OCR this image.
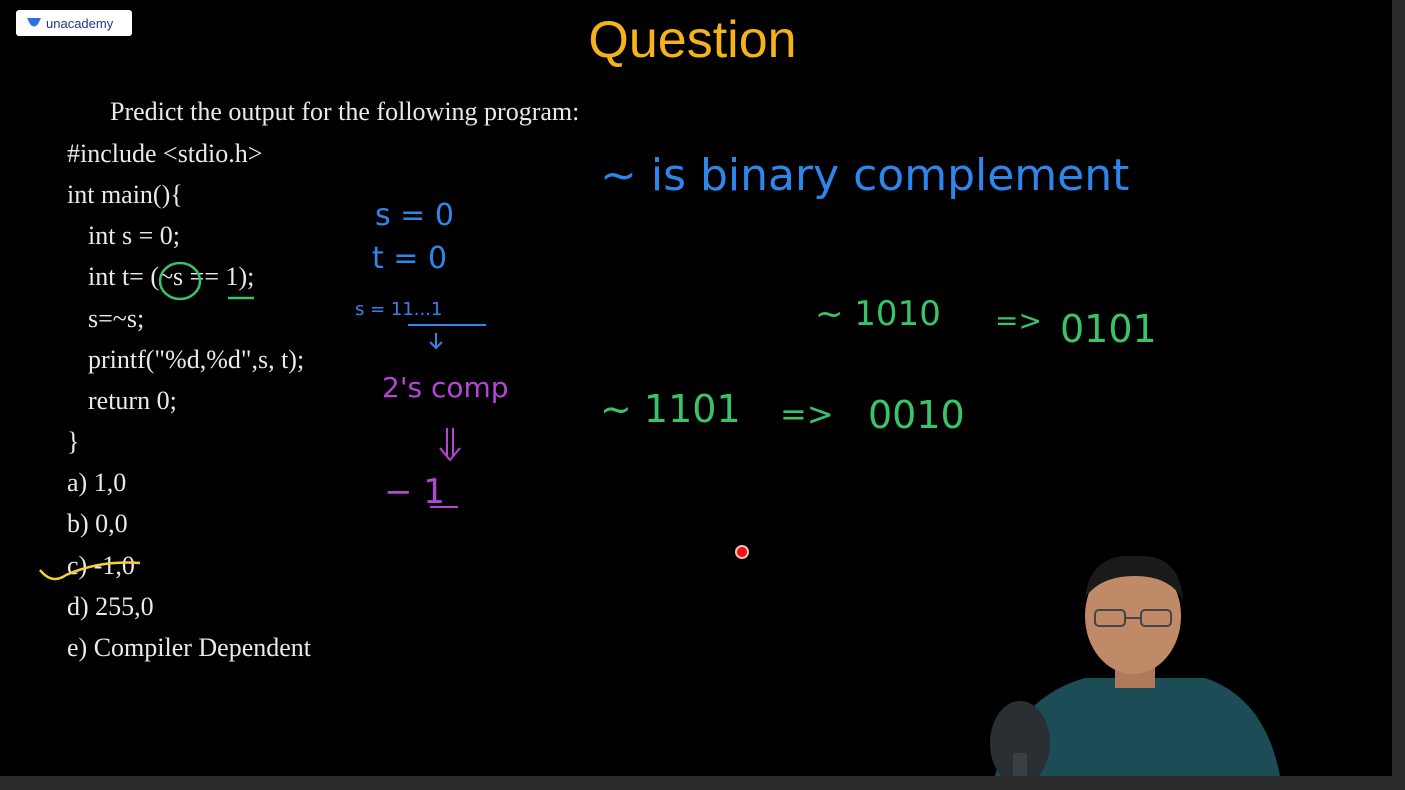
unacademy	Question
Predict the output for the following program:
#include <stdio.h>
int main(){
int s = 0;
int t= (~s == 1);
s=~s;
printf("%d,%d",s, t);
return 0;
}
a) 1,0
b) 0,0
c) -1,0
d) 255,0
e) Compiler Dependent
s = 0
t = 0
s = 11...1
2's comp
− 1
~ is binary complement
~ 1010 => 0101
~ 1101 => 0010
